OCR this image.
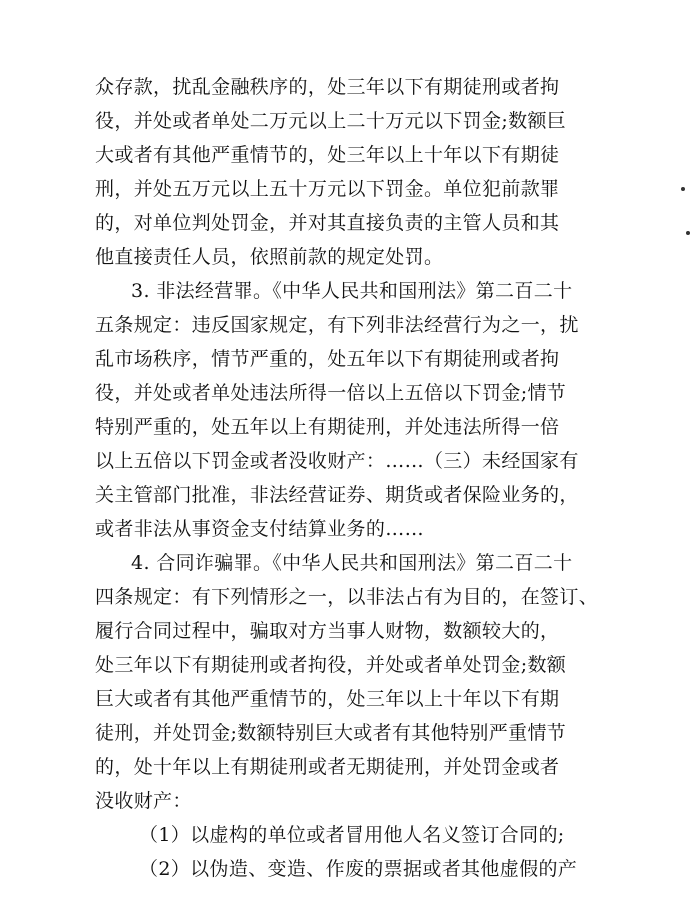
众存款，扰乱金融秩序的，处三年以下有期徒刑或者拘
役，并处或者单处二万元以上二十万元以下罚金;数额巨
大或者有其他严重情节的，处三年以上十年以下有期徒
刑，并处五万元以上五十万元以下罚金。单位犯前款罪
的，对单位判处罚金，并对其直接负责的主管人员和其
他直接责任人员，依照前款的规定处罚。
3. 非法经营罪。《中华人民共和国刑法》第二百二十
五条规定：违反国家规定，有下列非法经营行为之一，扰
乱市场秩序，情节严重的，处五年以下有期徒刑或者拘
役，并处或者单处违法所得一倍以上五倍以下罚金;情节
特别严重的，处五年以上有期徒刑，并处违法所得一倍
以上五倍以下罚金或者没收财产：……（三）未经国家有
关主管部门批准，非法经营证券、期货或者保险业务的，
或者非法从事资金支付结算业务的……
4. 合同诈骗罪。《中华人民共和国刑法》第二百二十
四条规定：有下列情形之一，以非法占有为目的，在签订、
履行合同过程中，骗取对方当事人财物，数额较大的，
处三年以下有期徒刑或者拘役，并处或者单处罚金;数额
巨大或者有其他严重情节的，处三年以上十年以下有期
徒刑，并处罚金;数额特别巨大或者有其他特别严重情节
的，处十年以上有期徒刑或者无期徒刑，并处罚金或者
没收财产：
（1）以虚构的单位或者冒用他人名义签订合同的;
（2）以伪造、变造、作废的票据或者其他虚假的产
